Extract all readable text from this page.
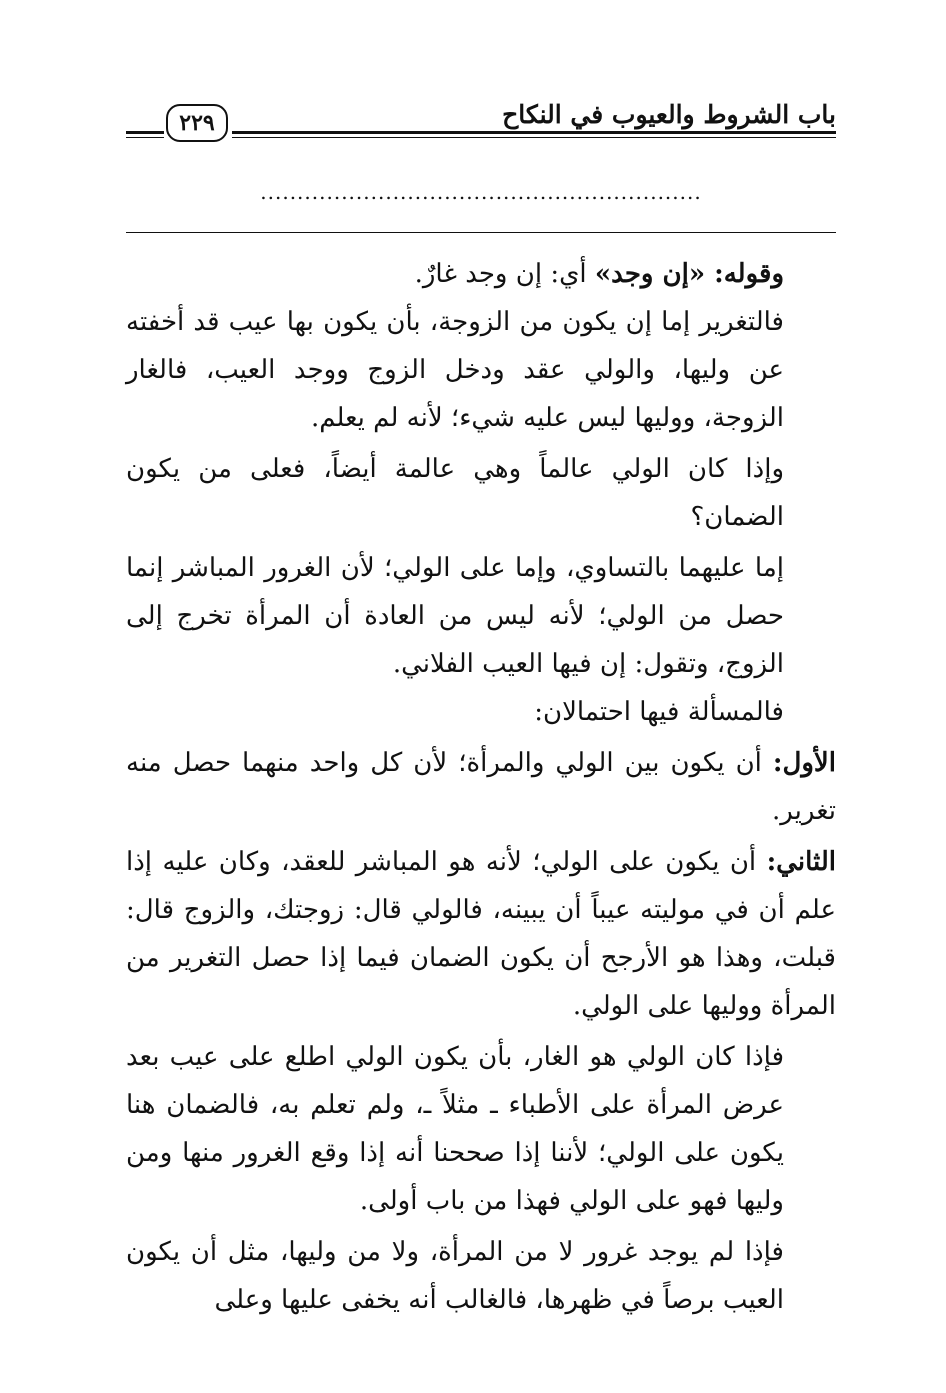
باب الشروط والعيوب في النكاح
٢٢٩
............................................................

وقوله: «إن وجد» أي: إن وجد غارٌ.

فالتغرير إما إن يكون من الزوجة، بأن يكون بها عيب قد أخفته عن وليها، والولي عقد ودخل الزوج ووجد العيب، فالغار الزوجة، ووليها ليس عليه شيء؛ لأنه لم يعلم.

وإذا كان الولي عالماً وهي عالمة أيضاً، فعلى من يكون الضمان؟

إما عليهما بالتساوي، وإما على الولي؛ لأن الغرور المباشر إنما حصل من الولي؛ لأنه ليس من العادة أن المرأة تخرج إلى الزوج، وتقول: إن فيها العيب الفلاني.

فالمسألة فيها احتمالان:

الأول: أن يكون بين الولي والمرأة؛ لأن كل واحد منهما حصل منه تغرير.

الثاني: أن يكون على الولي؛ لأنه هو المباشر للعقد، وكان عليه إذا علم أن في موليته عيباً أن يبينه، فالولي قال: زوجتك، والزوج قال: قبلت، وهذا هو الأرجح أن يكون الضمان فيما إذا حصل التغرير من المرأة ووليها على الولي.

فإذا كان الولي هو الغار، بأن يكون الولي اطلع على عيب بعد عرض المرأة على الأطباء ـ مثلاً ـ، ولم تعلم به، فالضمان هنا يكون على الولي؛ لأننا إذا صححنا أنه إذا وقع الغرور منها ومن وليها فهو على الولي فهذا من باب أولى.

فإذا لم يوجد غرور لا من المرأة، ولا من وليها، مثل أن يكون العيب برصاً في ظهرها، فالغالب أنه يخفى عليها وعلى
